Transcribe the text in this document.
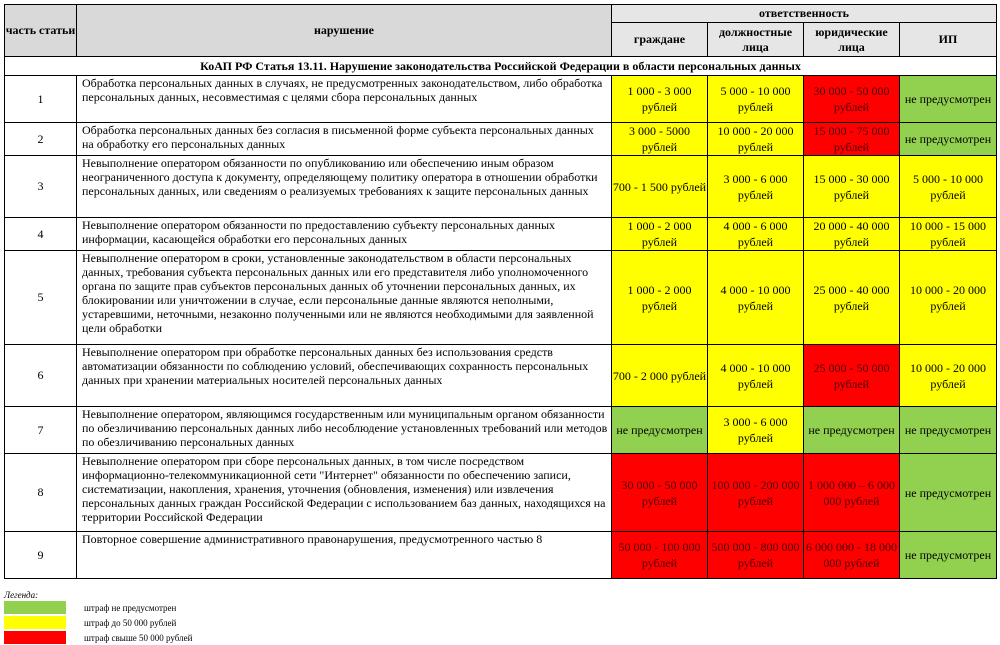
часть статьи	нарушение	ответственность			
		граждане	должностные лица	юридические лица	ИП
КоАП РФ Статья 13.11. Нарушение законодательства Российской Федерации в области персональных данных					
1	Обработка персональных данных в случаях, не предусмотренных законодательством, либо обработка персональных данных, несовместимая с целями сбора персональных данных	1 000 - 3 000 рублей	5 000 - 10 000 рублей	30 000 - 50 000 рублей	не предусмотрен
2	Обработка персональных данных без согласия в письменной форме субъекта персональных данных на обработку его персональных данных	3 000 - 5000 рублей	10 000 - 20 000 рублей	15 000 - 75 000 рублей	не предусмотрен
3	Невыполнение оператором обязанности по опубликованию или обеспечению иным образом неограниченного доступа к документу, определяющему политику оператора в отношении обработки персональных данных, или сведениям о реализуемых требованиях к защите персональных данных	700 - 1 500 рублей	3 000 - 6 000 рублей	15 000 - 30 000 рублей	5 000 - 10 000 рублей
4	Невыполнение оператором обязанности по предоставлению субъекту персональных данных информации, касающейся обработки его персональных данных	1 000 - 2 000 рублей	4 000 - 6 000 рублей	20 000 - 40 000 рублей	10 000 - 15 000 рублей
5	Невыполнение оператором в сроки, установленные законодательством в области персональных данных, требования субъекта персональных данных или его представителя либо уполномоченного органа по защите прав субъектов персональных данных об уточнении персональных данных, их блокировании или уничтожении в случае, если персональные данные являются неполными, устаревшими, неточными, незаконно полученными или не являются необходимыми для заявленной цели обработки	1 000 - 2 000 рублей	4 000 - 10 000 рублей	25 000 - 40 000 рублей	10 000 - 20 000 рублей
6	Невыполнение оператором при обработке персональных данных без использования средств автоматизации обязанности по соблюдению условий, обеспечивающих сохранность персональных данных при хранении материальных носителей персональных данных	700 - 2 000 рублей	4 000 - 10 000 рублей	25 000 - 50 000 рублей	10 000 - 20 000 рублей
7	Невыполнение оператором, являющимся государственным или муниципальным органом обязанности по обезличиванию персональных данных либо несоблюдение установленных требований или методов по обезличиванию персональных данных	не предусмотрен	3 000 - 6 000 рублей	не предусмотрен	не предусмотрен
8	Невыполнение оператором при сборе персональных данных, в том числе посредством информационно-телекоммуникационной сети "Интернет" обязанности по обеспечению записи, систематизации, накопления, хранения, уточнения (обновления, изменения) или извлечения персональных данных граждан Российской Федерации с использованием баз данных, находящихся на территории Российской Федерации	30 000 - 50 000 рублей	100 000 - 200 000 рублей	1 000 000 – 6 000 000 рублей	не предусмотрен
9	Повторное совершение административного правонарушения, предусмотренного частью 8	50 000 - 100 000 рублей	500 000 - 800 000 рублей	6 000 000 - 18 000 000 рублей	не предусмотрен
Легенда:
штраф не предусмотрен
штраф до 50 000 рублей
штраф свыше 50 000 рублей
